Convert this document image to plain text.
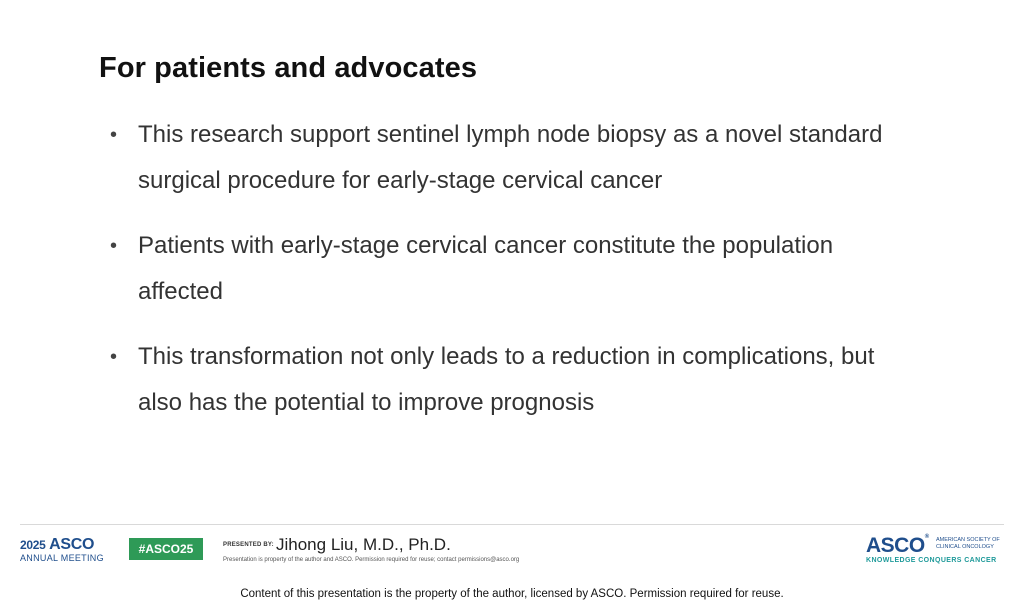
For patients and advocates
• This research support sentinel lymph node biopsy as a novel standard
surgical procedure for early-stage cervical cancer
• Patients with early-stage cervical cancer constitute the population
affected
• This transformation not only leads to a reduction in complications, but
also has the potential to improve prognosis
2025 ASCO
ANNUAL MEETING
#ASCO25	PRESENTED BY: Jihong Liu, M.D., Ph.D.
Presentation is property of the author and ASCO. Permission required for reuse; contact permissions@asco.org
ASCO® AMERICAN SOCIETY OF
CLINICAL ONCOLOGY
KNOWLEDGE CONQUERS CANCER
Content of this presentation is the property of the author, licensed by ASCO. Permission required for reuse.
